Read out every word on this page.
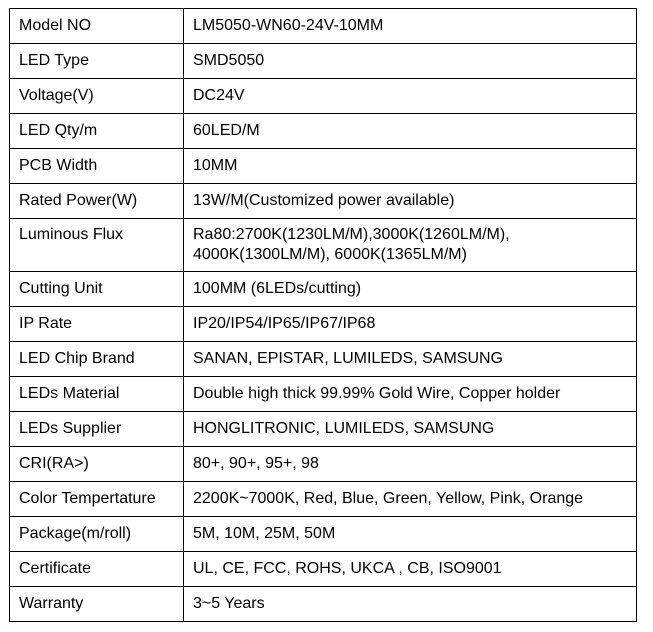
Model NO	LM5050-WN60-24V-10MM
LED Type	SMD5050
Voltage(V)	DC24V
LED Qty/m	60LED/M
PCB Width	10MM
Rated Power(W)	13W/M(Customized power available)
Luminous Flux	Ra80:2700K(1230LM/M),3000K(1260LM/M),
4000K(1300LM/M), 6000K(1365LM/M)

Cutting Unit	100MM (6LEDs/cutting)
IP Rate	IP20/IP54/IP65/IP67/IP68
LED Chip Brand	SANAN, EPISTAR, LUMILEDS, SAMSUNG
LEDs Material	Double high thick 99.99% Gold Wire, Copper holder
LEDs Supplier	HONGLITRONIC, LUMILEDS, SAMSUNG
CRI(RA>)	80+, 90+, 95+, 98
Color Tempertature	2200K~7000K, Red, Blue, Green, Yellow, Pink, Orange
Package(m/roll)	5M, 10M, 25M, 50M
Certificate	UL, CE, FCC, ROHS, UKCA , CB, ISO9001
Warranty	3~5 Years
